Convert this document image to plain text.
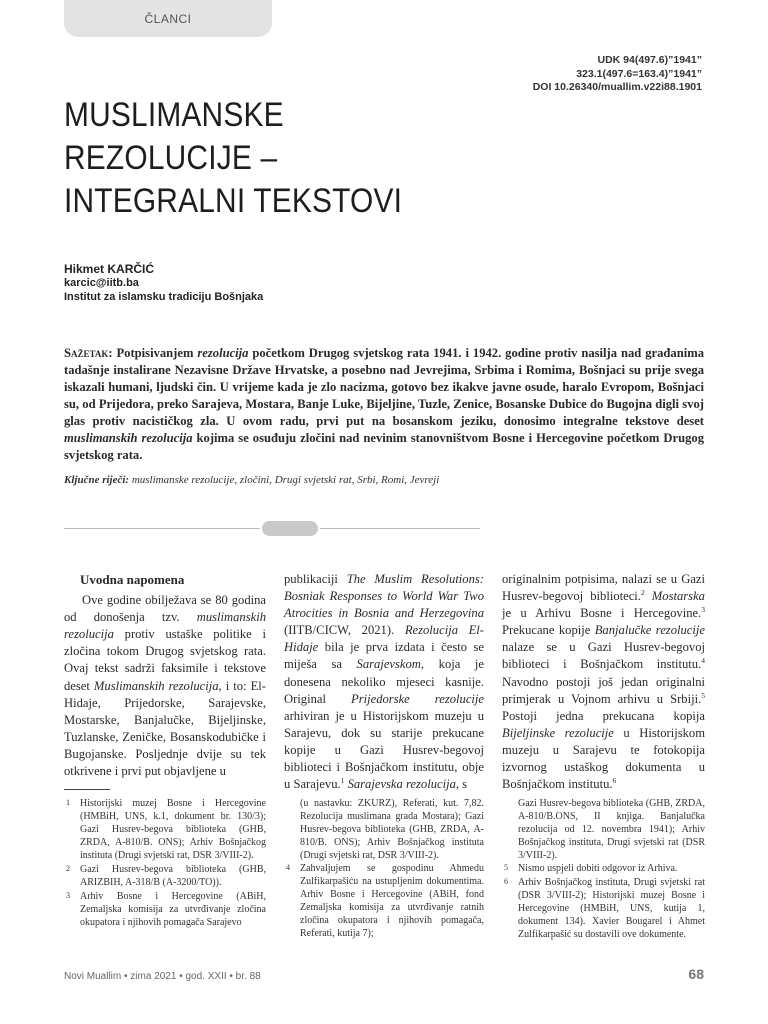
ČLANCI
UDK 94(497.6)”1941”
323.1(497.6=163.4)”1941”
DOI 10.26340/muallim.v22i88.1901
MUSLIMANSKE
REZOLUCIJE –
INTEGRALNI TEKSTOVI
Hikmet KARČIĆ
karcic@iitb.ba
Institut za islamsku tradiciju Bošnjaka

Sažetak: Potpisivanjem rezolucija početkom Drugog svjetskog rata 1941. i 1942. godine protiv nasilja nad građanima tadašnje instalirane Nezavisne Države Hrvatske, a posebno nad Jevrejima, Srbima i Romima, Bošnjaci su prije svega iskazali humani, ljudski čin. U vrijeme kada je zlo nacizma, gotovo bez ikakve javne osude, haralo Evropom, Bošnjaci su, od Prijedora, preko Sarajeva, Mostara, Banje Luke, Bijeljine, Tuzle, Zenice, Bosanske Dubice do Bugojna digli svoj glas protiv nacističkog zla. U ovom radu, prvi put na bosanskom jeziku, donosimo integralne tekstove deset muslimanskih rezolucija kojima se osuđuju zločini nad nevinim stanovništvom Bosne i Hercegovine početkom Drugog svjetskog rata.

Ključne riječi: muslimanske rezolucije, zločini, Drugi svjetski rat, Srbi, Romi, Jevreji
Uvodna napomena

Ove godine obilježava se 80 godina od donošenja tzv. muslimanskih rezolucija protiv ustaške politike i zločina tokom Drugog svjetskog rata. Ovaj tekst sadrži faksimile i tekstove deset Muslimanskih rezolucija, i to: El-Hidaje, Prijedorske, Sarajevske, Mostarske, Banjalučke, Bijeljinske, Tuzlanske, Zeničke, Bosanskodubičke i Bugojanske. Posljednje dvije su tek otkrivene i prvi put objavljene u

publikaciji The Muslim Resolutions: Bosniak Responses to World War Two Atrocities in Bosnia and Herzegovina (IITB/CICW, 2021). Rezolucija El-Hidaje bila je prva izdata i često se miješa sa Sarajevskom, koja je donesena nekoliko mjeseci kasnije. Original Prijedorske rezolucije arhiviran je u Historijskom muzeju u Sarajevu, dok su starije prekucane kopije u Gazi Husrev-begovoj biblioteci i Bošnjačkom institutu, obje u Sarajevu.$^1$ Sarajevska rezolucija, s

originalnim potpisima, nalazi se u Gazi Husrev-begovoj biblioteci.$^2$ Mostarska je u Arhivu Bosne i Hercegovine.$^3$ Prekucane kopije Banjalučke rezolucije nalaze se u Gazi Husrev-begovoj biblioteci i Bošnjačkom institutu.$^4$ Navodno postoji još jedan originalni primjerak u Vojnom arhivu u Srbiji.$^5$ Postoji jedna prekucana kopija Bijeljinske rezolucije u Historijskom muzeju u Sarajevu te fotokopija izvornog ustaškog dokumenta u Bošnjačkom institutu.$^6$

1 Historijski muzej Bosne i Hercegovine (HMBiH, UNS, k.1, dokument br. 130/3); Gazi Husrev-begova biblioteka (GHB, ZRDA, A-810/B. ONS); Arhiv Bošnjačkog instituta (Drugi svjetski rat, DSR 3/VIII-2).
2 Gazi Husrev-begova biblioteka (GHB, ARIZBIH, A-318/B (A-3200/TO)).
3 Arhiv Bosne i Hercegovine (ABiH, Zemaljska komisija za utvrđivanje zločina okupatora i njihovih pomagača Sarajevo
(u nastavku: ZKURZ), Referati, kut. 7,82. Rezolucija muslimana grada Mostara); Gazi Husrev-begova biblioteka (GHB, ZRDA, A-810/B. ONS); Arhiv Bošnjačkog instituta (Drugi svjetski rat, DSR 3/VIII-2).
4 Zahvaljujem se gospodinu Ahmedu Zulfikarpašiću na ustupljenim dokumentima. Arhiv Bosne i Hercegovine (ABiH, fond Zemaljska komisija za utvrđivanje ratnih zločina okupatora i njihovih pomagača, Referati, kutija 7);
Gazi Husrev-begova biblioteka (GHB, ZRDA, A-810/B.ONS, II knjiga. Banjalučka rezolucija od 12. novembra 1941); Arhiv Bošnjačkog instituta, Drugi svjetski rat (DSR 3/VIII-2).
5 Nismo uspjeli dobiti odgovor iz Arhiva.
6 Arhiv Bošnjačkog instituta, Drugi svjetski rat (DSR 3/VIII-2); Historijski muzej Bosne i Hercegovine (HMBiH, UNS, kutija 1, dokument 134). Xavier Bougarel i Ahmet Zulfikarpašić su dostavili ove dokumente.
Novi Muallim • zima 2021 • god. XXII • br. 88	68
